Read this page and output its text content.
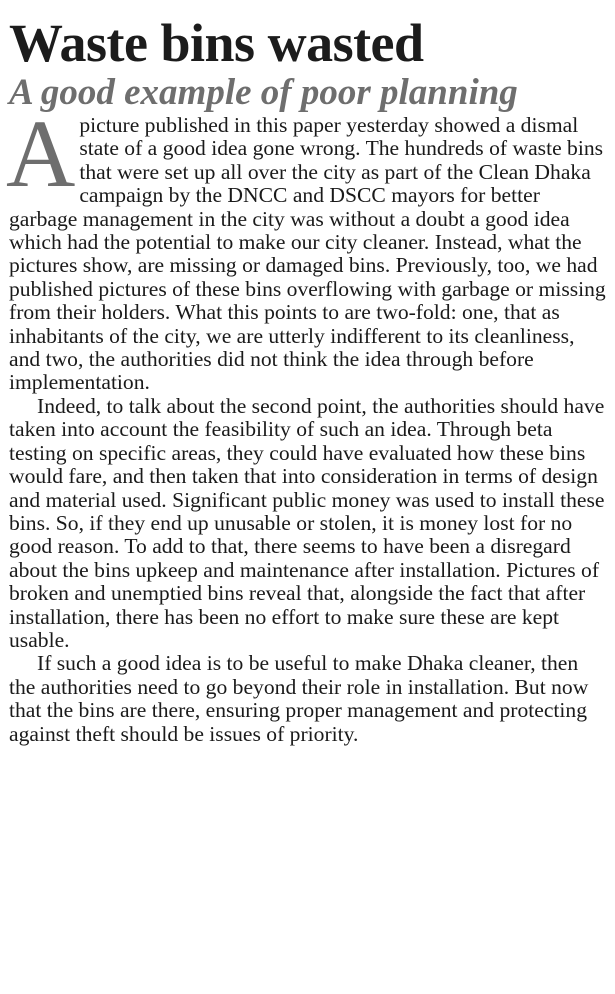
Waste bins wasted
A good example of poor planning
A picture published in this paper yesterday showed a dismal state of a good idea gone wrong. The hundreds of waste bins that were set up all over the city as part of the Clean Dhaka campaign by the DNCC and DSCC mayors for better garbage management in the city was without a doubt a good idea which had the potential to make our city cleaner. Instead, what the pictures show, are missing or damaged bins. Previously, too, we had published pictures of these bins overflowing with garbage or missing from their holders. What this points to are two-fold: one, that as inhabitants of the city, we are utterly indifferent to its cleanliness, and two, the authorities did not think the idea through before implementation.

Indeed, to talk about the second point, the authorities should have taken into account the feasibility of such an idea. Through beta testing on specific areas, they could have evaluated how these bins would fare, and then taken that into consideration in terms of design and material used. Significant public money was used to install these bins. So, if they end up unusable or stolen, it is money lost for no good reason. To add to that, there seems to have been a disregard about the bins upkeep and maintenance after installation. Pictures of broken and unemptied bins reveal that, alongside the fact that after installation, there has been no effort to make sure these are kept usable.

If such a good idea is to be useful to make Dhaka cleaner, then the authorities need to go beyond their role in installation. But now that the bins are there, ensuring proper management and protecting against theft should be issues of priority.
